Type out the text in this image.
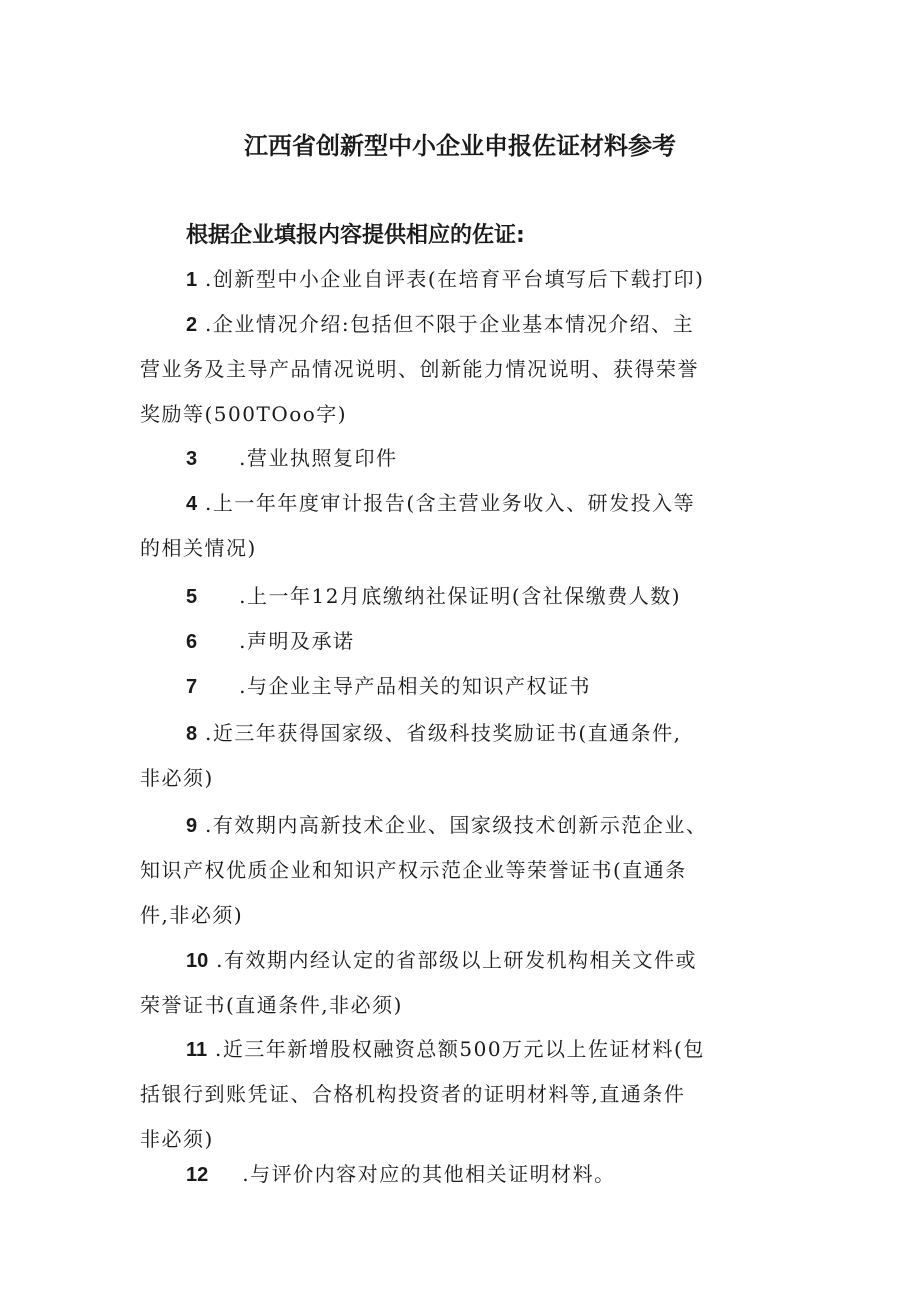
江西省创新型中小企业申报佐证材料参考
根据企业填报内容提供相应的佐证:
1 .创新型中小企业自评表(在培育平台填写后下载打印)
2 .企业情况介绍:包括但不限于企业基本情况介绍、主
营业务及主导产品情况说明、创新能力情况说明、获得荣誉
奖励等(500TOoo字)
3 .营业执照复印件
4 .上一年年度审计报告(含主营业务收入、研发投入等
的相关情况)
5 .上一年12月底缴纳社保证明(含社保缴费人数)
6 .声明及承诺
7 .与企业主导产品相关的知识产权证书
8 .近三年获得国家级、省级科技奖励证书(直通条件,
非必须)
9 .有效期内高新技术企业、国家级技术创新示范企业、
知识产权优质企业和知识产权示范企业等荣誉证书(直通条
件,非必须)
10 .有效期内经认定的省部级以上研发机构相关文件或
荣誉证书(直通条件,非必须)
11 .近三年新增股权融资总额500万元以上佐证材料(包
括银行到账凭证、合格机构投资者的证明材料等,直通条件
非必须)
12 .与评价内容对应的其他相关证明材料。
